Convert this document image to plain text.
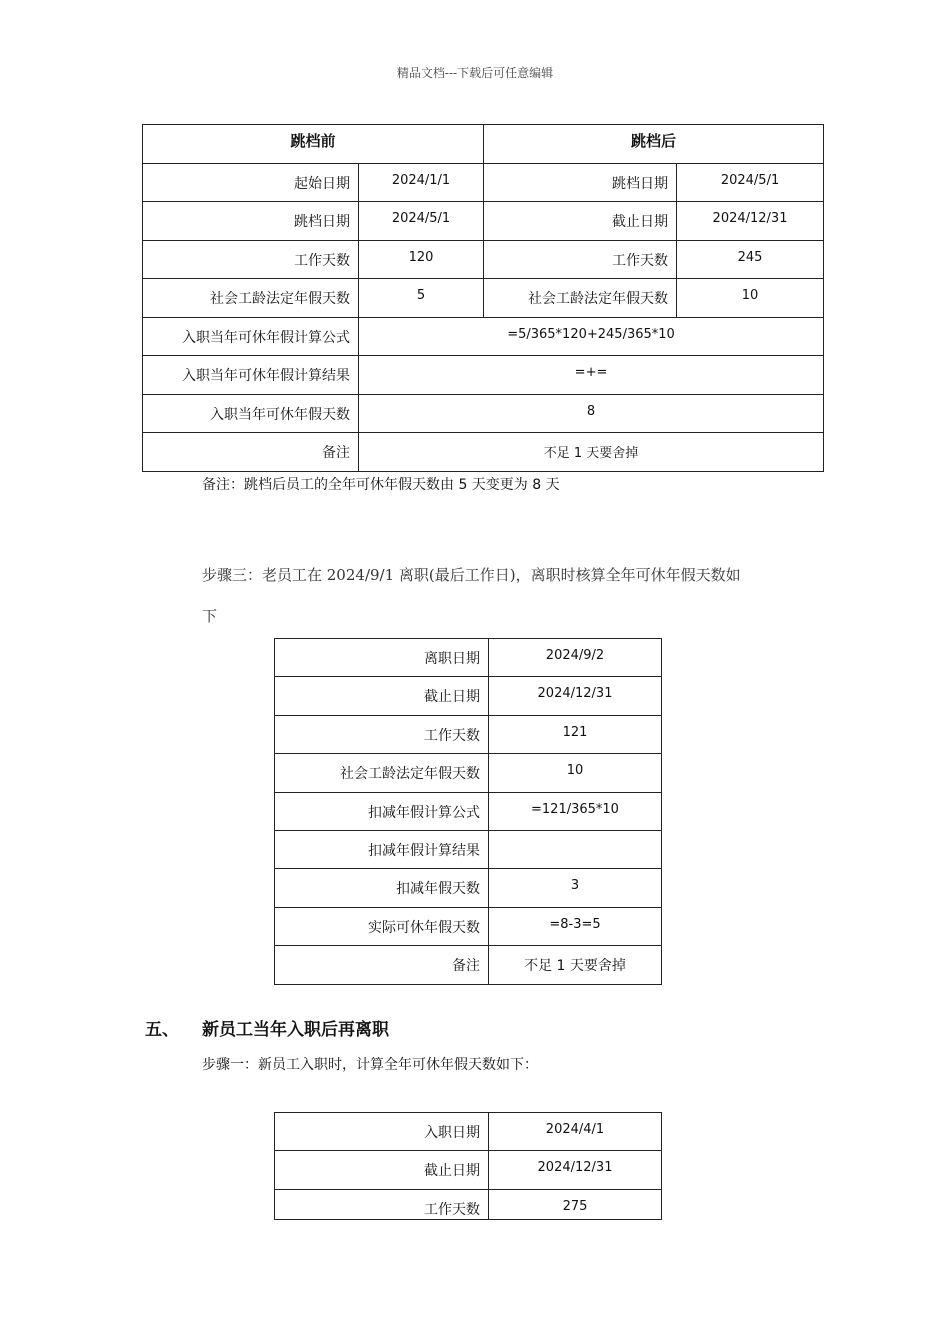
精品文档---下载后可任意编辑
跳档前		跳档后	
起始日期	2024/1/1	跳档日期	2024/5/1
跳档日期	2024/5/1	截止日期	2024/12/31
工作天数	120	工作天数	245
社会工龄法定年假天数	5	社会工龄法定年假天数	10
入职当年可休年假计算公式	=5/365*120+245/365*10		
入职当年可休年假计算结果	=+=		
入职当年可休年假天数	8		
备注	不足 1 天要舍掉		
备注：跳档后员工的全年可休年假天数由 5 天变更为 8 天
步骤三：老员工在 2024/9/1 离职(最后工作日)，离职时核算全年可休年假天数如
下
离职日期	2024/9/2
截止日期	2024/12/31
工作天数	121
社会工龄法定年假天数	10
扣减年假计算公式	=121/365*10
扣减年假计算结果	
扣减年假天数	3
实际可休年假天数	=8-3=5
备注	不足 1 天要舍掉
五、 新员工当年入职后再离职
步骤一：新员工入职时，计算全年可休年假天数如下：
入职日期	2024/4/1
截止日期	2024/12/31
工作天数	275
